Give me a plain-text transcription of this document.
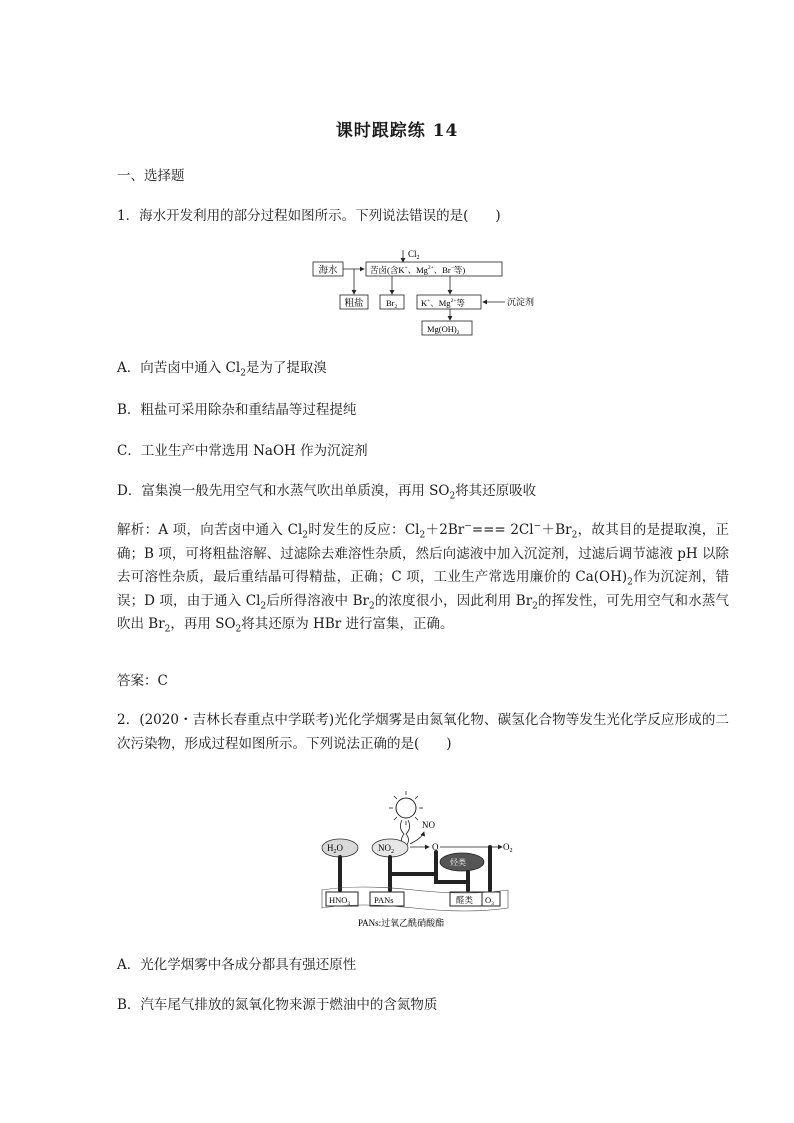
课时跟踪练 14
一、选择题
1．海水开发利用的部分过程如图所示。下列说法错误的是(　　)
$Cl_2$
海水	苦卤(含K+、$Mg^{2+}$、Br−等)
粗盐	$Br_2$	K+、$Mg^{2+}$等	沉淀剂
$Mg(OH)_2$
A．向苦卤中通入 $Cl_2$是为了提取溴
B．粗盐可采用除杂和重结晶等过程提纯
C．工业生产中常选用 NaOH 作为沉淀剂
D．富集溴一般先用空气和水蒸气吹出单质溴，再用 $SO_2$将其还原吸收
解析：A 项，向苦卤中通入 $Cl_2$时发生的反应：$Cl_2+2Br^-=== 2Cl^-+Br_2$，故其目的是提取溴，正确；B 项，可将粗盐溶解、过滤除去难溶性杂质，然后向滤液中加入沉淀剂，过滤后调节滤液 pH 以除去可溶性杂质，最后重结晶可得精盐，正确；C 项，工业生产常选用廉价的 $Ca(OH)_2$作为沉淀剂，错误；D 项，由于通入 $Cl_2$后所得溶液中 $Br_2$的浓度很小，因此利用 $Br_2$的挥发性，可先用空气和水蒸气吹出 $Br_2$，再用 $SO_2$将其还原为 HBr 进行富集，正确。
答案：C
2．(2020・吉林长春重点中学联考)光化学烟雾是由氮氧化物、碳氢化合物等发生光化学反应形成的二次污染物，形成过程如图所示。下列说法正确的是(　　)
$H_2O$	$NO_2$
NO
O	$O_2$
烃类
$HNO_3$	PANs	醛类 $O_3$
PANs:过氧乙酰硝酸酯
A．光化学烟雾中各成分都具有强还原性
B．汽车尾气排放的氮氧化物来源于燃油中的含氮物质
